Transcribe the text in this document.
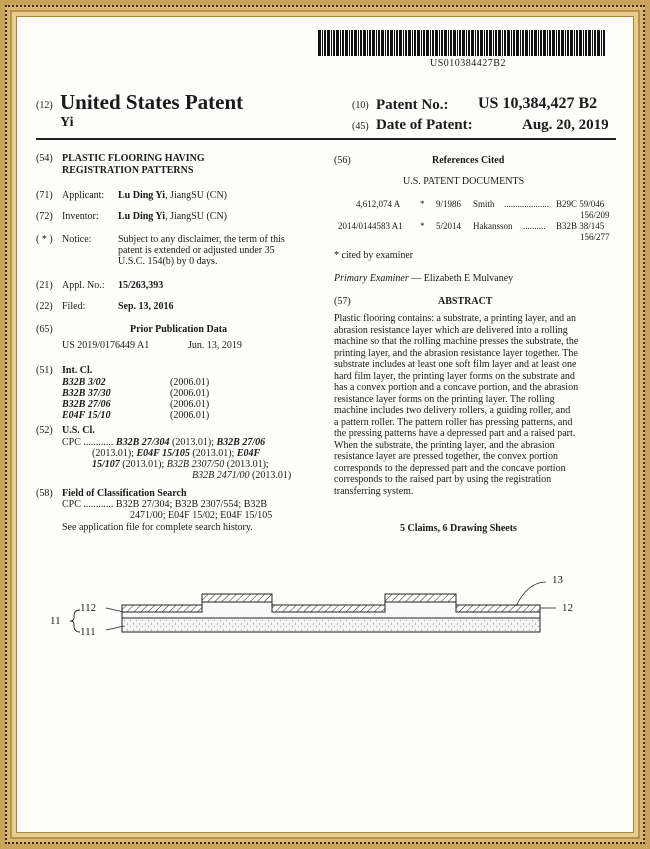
US010384427B2
(12) United States Patent
Yi
(10) Patent No.: US 10,384,427 B2
(45) Date of Patent:	Aug. 20, 2019
(54) PLASTIC FLOORING HAVING
REGISTRATION PATTERNS
(71) Applicant: Lu Ding Yi, JiangSU (CN)
(72) Inventor: Lu Ding Yi, JiangSU (CN)
( * ) Notice:	Subject to any disclaimer, the term of this
patent is extended or adjusted under 35
U.S.C. 154(b) by 0 days.
(21) Appl. No.: 15/263,393
(22) Filed:	Sep. 13, 2016
(65)	Prior Publication Data
US 2019/0176449 A1	Jun. 13, 2019
(51) Int. Cl.
B32B 3/02	(2006.01)
B32B 37/30	(2006.01)
B32B 27/06	(2006.01)
E04F 15/10	(2006.01)
(52) U.S. Cl.
CPC ............ B32B 27/304 (2013.01); B32B 27/06
(2013.01); E04F 15/105 (2013.01); E04F
15/107 (2013.01); B32B 2307/50 (2013.01);
B32B 2471/00 (2013.01)
(58) Field of Classification Search
CPC ............ B32B 27/304; B32B 2307/554; B32B
2471/00; E04F 15/02; E04F 15/105
See application file for complete search history.
(56)	References Cited
U.S. PATENT DOCUMENTS
4,612,074 A * 9/1986 Smith .................... B29C 59/046
156/209
2014/0144583 A1 * 5/2014 Hakansson .......... B32B 38/145
156/277
* cited by examiner
Primary Examiner — Elizabeth E Mulvaney
(57)	ABSTRACT
Plastic flooring contains: a substrate, a printing layer, and an
abrasion resistance layer which are delivered into a rolling
machine so that the rolling machine presses the substrate, the
printing layer, and the abrasion resistance layer together. The
substrate includes at least one soft film layer and at least one
hard film layer, the printing layer forms on the substrate and
has a convex portion and a concave portion, and the abrasion
resistance layer forms on the printing layer. The rolling
machine includes two delivery rollers, a guiding roller, and
a pattern roller. The pattern roller has pressing patterns, and
the pressing patterns have a depressed part and a raised part.
When the substrate, the printing layer, and the abrasion
resistance layer are pressed together, the convex portion
corresponds to the depressed part and the concave portion
corresponds to the raised part by using the registration
transferring system.
5 Claims, 6 Drawing Sheets
13
12
112
11
111
